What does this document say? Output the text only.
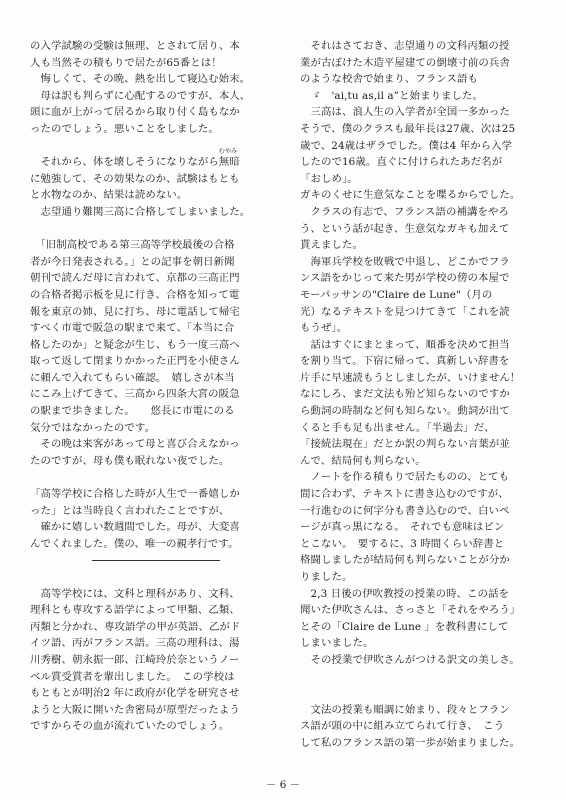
の入学試験の受験は無理、とされて居り、本
人も当然その積もりで居たが65番とは！
　悔しくて、その晩、熱を出して寝込む始末。
　母は訳も判らずに心配するのですが、本人、
頭に血が上がって居るから取り付く島もなか
ったのでしょう。悪いことをしました。
　それから、体を壊しそうになりながら無暗
むやみ
に勉強して、その効果なのか、試験はもとも
と水物なのか、結果は読めない。
　志望通り難関三高に合格してしまいました。
　「旧制高校である第三高等学校最後の合格
者が今日発表される。」との記事を朝日新聞
朝刊で読んだ母に言われて、京都の三高正門
の合格者掲示板を見に行き、合格を知って電
報を東京の姉、見に打ち、母に電話して帰宅
すべく市電で阪急の駅まで来て、「本当に合
格したのか」と疑念が生じ、もう一度三高へ
取って返して閉まりかかった正門を小使さん
に頼んで入れてもらい確認。　嬉しさが本当
にこみ上げてきて、三高から四条大宮の阪急
の駅まで歩きました。　　悠長に市電にのる
気分ではなかったのです。
　その晩は来客があって母と喜び合えなかっ
たのですが、母も僕も眠れない夜でした。
「高等学校に合格した時が人生で一番嬉しか
った」とは当時良く言われたことですが、
　確かに嬉しい数週間でした。母が、大変喜
んでくれました。僕の、唯一の親孝行です。
　高等学校には、文科と理科があり、文科、
理科とも専攻する語学によって甲類、乙類、
丙類と分かれ、専攻語学の甲が英語、乙がド
イツ語、丙がフランス語。三高の理科は、湯
川秀樹、朝永振一郎、江崎玲於奈というノー
ベル賞受賞者を輩出しました。　この学校は
もともとが明治2 年に政府が化学を研究させ
ようと大阪に開いた舎密局が原型だったよう
ですからその血が流れていたのでしょう。
　それはさておき、志望通りの文科丙類の授
業が古ぼけた木造平屋建ての倒壊寸前の兵舎
のような校舎で始まり、フランス語も
　ゞ　'ai,tu as,il a”と始まりました。
　三高は、浪人生の入学者が全国一多かった
そうで、僕のクラスも最年長は27歳、次は25
歳で、24歳はザラでした。僕は4 年から入学
したので16歳。直ぐに付けられたあだ名が
「おしめ」。
ガキのくせに生意気なことを喋るからでした。
　クラスの有志で、フランス語の補講をやろ
う、という話が起き、生意気なガキも加えて
貰えました。
　海軍兵学校を敗戦で中退し、どこかでフラ
ンス語をかじって来た男が学校の傍の本屋で
モーパッサンの"Claire de Lune"（月の
光）なるテキストを見つけてきて「これを読
もうぜ」。
　話はすぐにまとまって、順番を決めて担当
を割り当て。下宿に帰って、真新しい辞書を
片手に早速読もうとしましたが、いけません！
なにしろ、まだ文法も殆ど知らないのですか
ら動詞の時制など何も知らない。動詞が出て
くると手も足も出ません。「半過去」だ、
「接続法現在」だとか訳の判らない言葉が並
んで、結局何も判らない。
　ノートを作る積もりで居たものの、とても
間に合わず、テキストに書き込むのですが、
一行進むのに何字分も書き込むので、白いペ
ージが真っ黒になる。　それでも意味はピン
とこない。　要するに、3 時間くらい辞書と
格闘しましたが結局何も判らないことが分か
りました。
　2,3 日後の伊吹教授の授業の時、この話を
聞いた伊吹さんは、さっさと「それをやろう」
とその「Claire de Lune 」を教科書にして
しまいました。
　その授業で伊吹さんがつける訳文の美しさ。
　文法の授業も順調に始まり、段々とフラン
ス語が頭の中に組み立てられて行き、　こう
して私のフランス語の第一歩が始まりました。
－ 6 －
